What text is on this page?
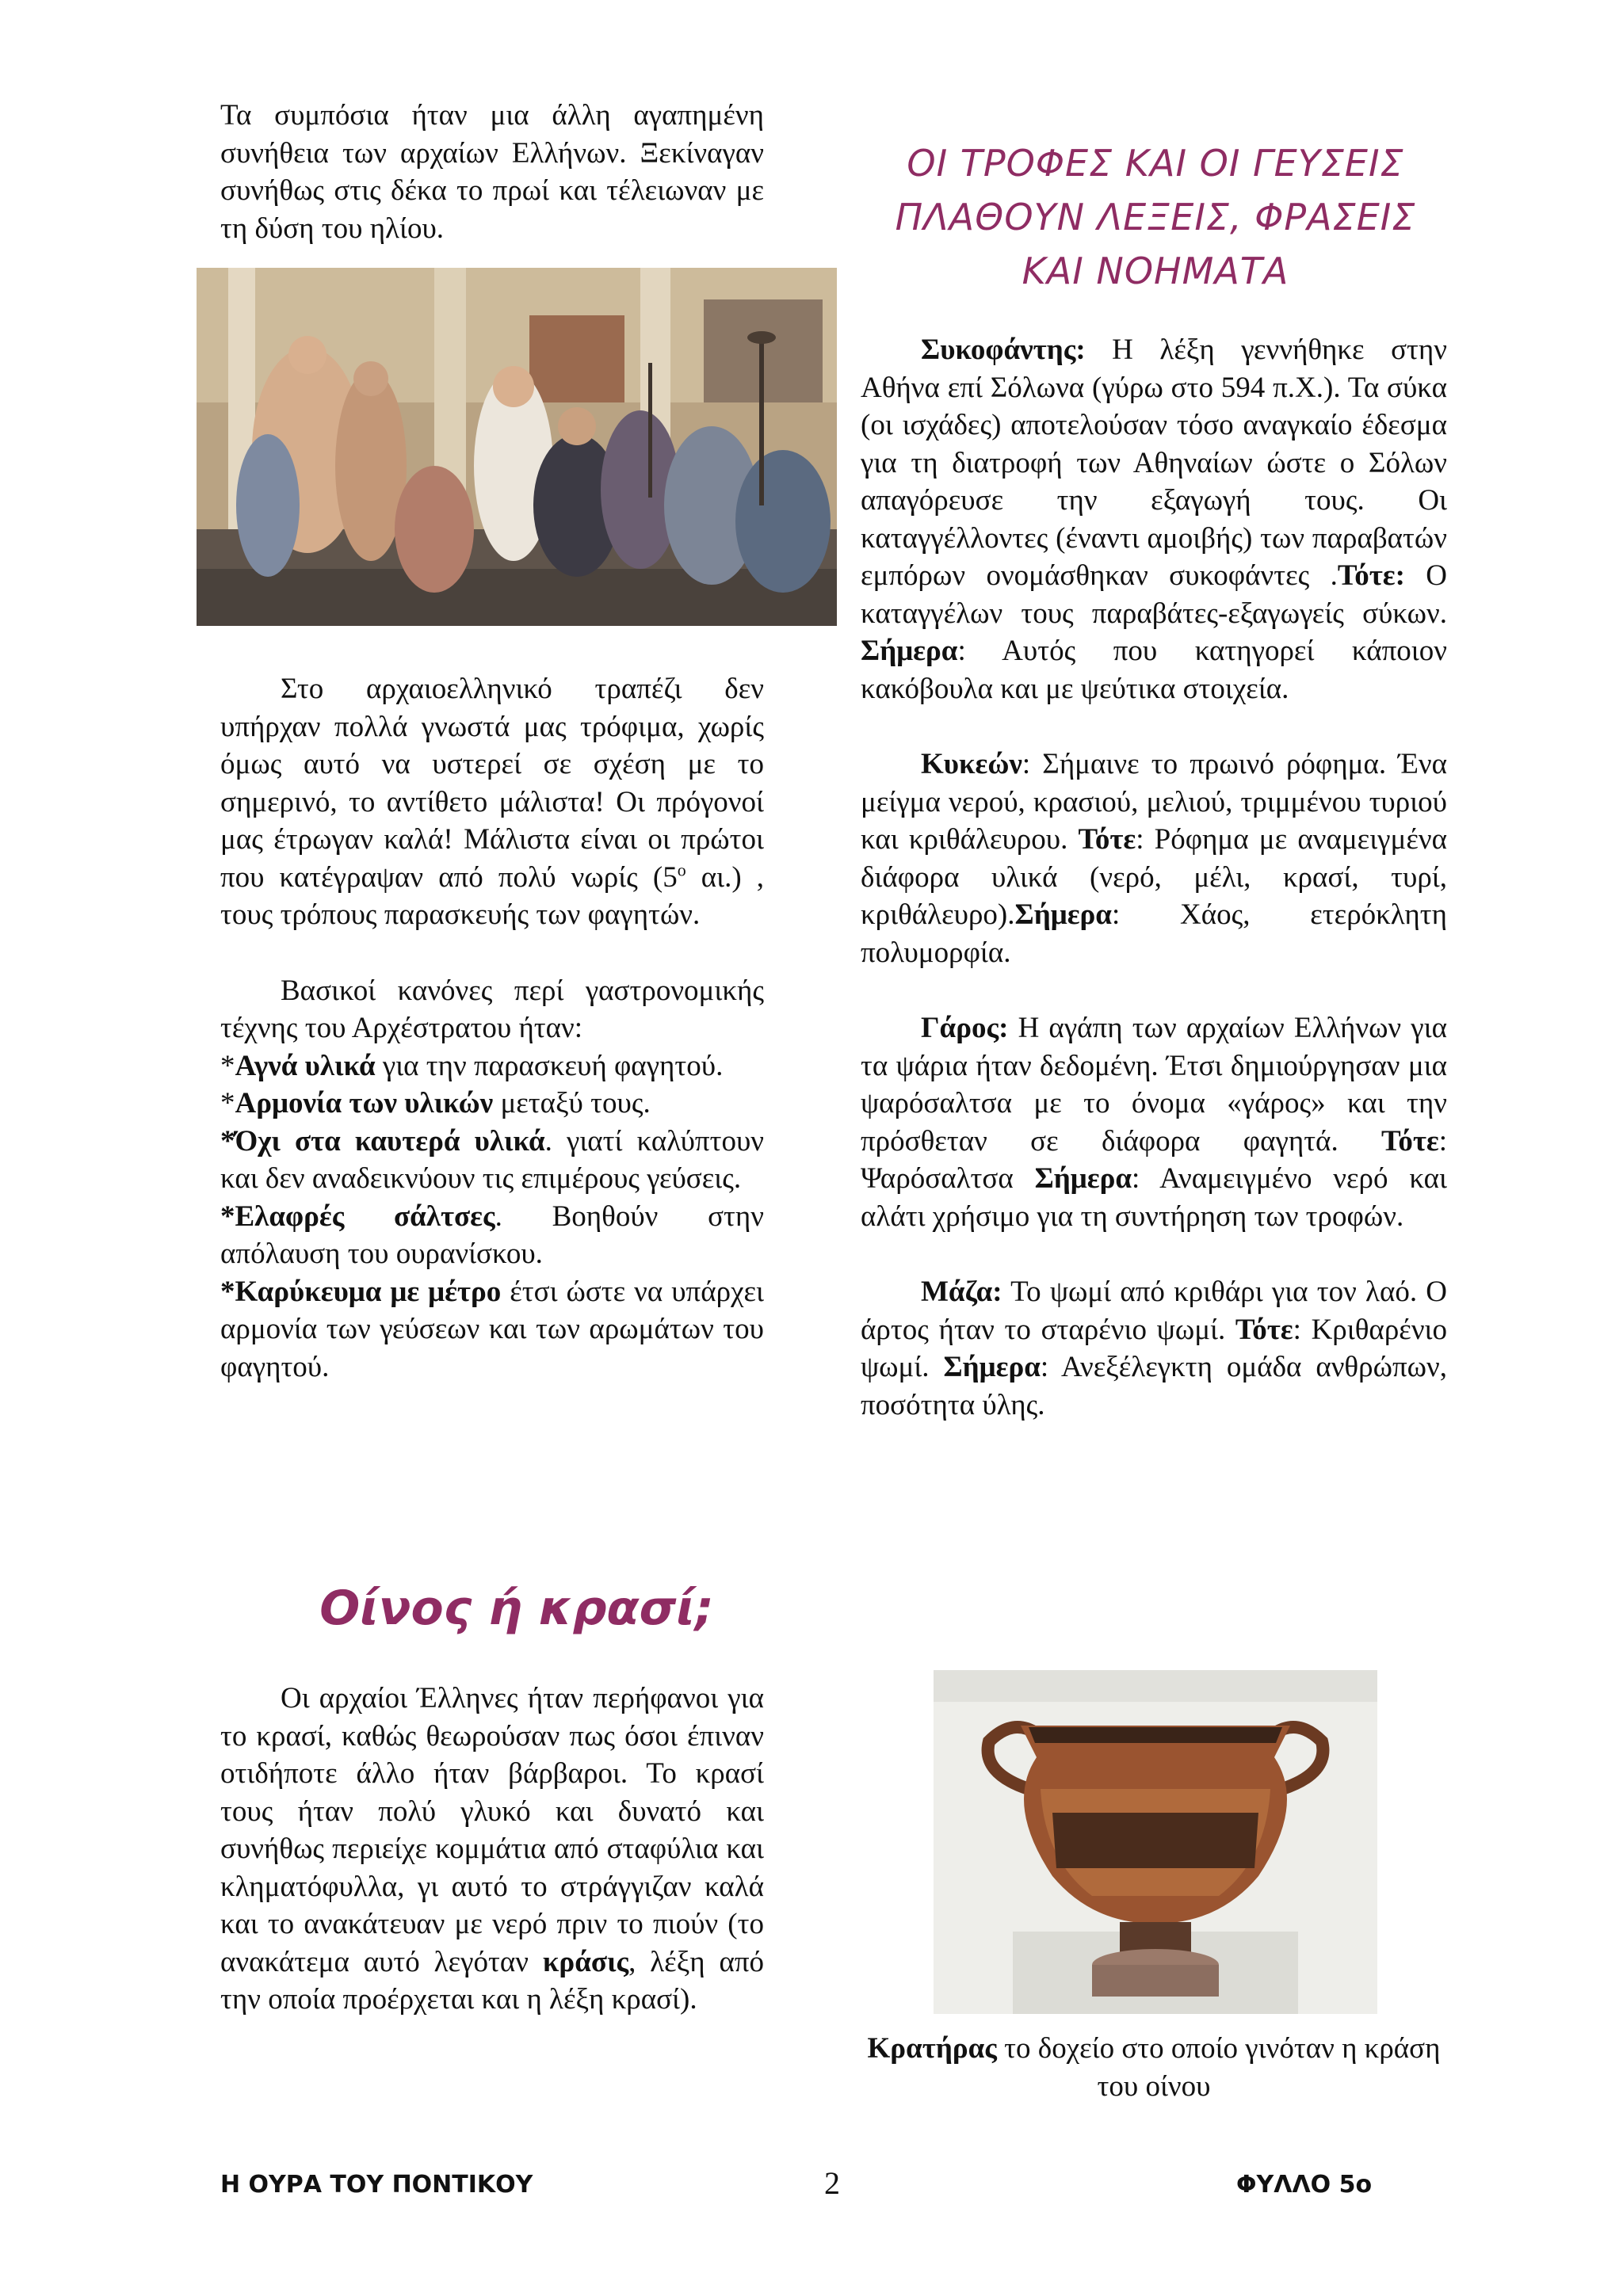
Τα συμπόσια ήταν μια άλλη αγαπημένη συνήθεια των αρχαίων Ελλήνων. Ξεκίναγαν συνήθως στις δέκα το πρωί και τέλειωναν με τη δύση του ηλίου.

Στο αρχαιοελληνικό τραπέζι δεν υπήρχαν πολλά γνωστά μας τρόφιμα, χωρίς όμως αυτό να υστερεί σε σχέση με το σημερινό, το αντίθετο μάλιστα! Οι πρόγονοί μας έτρωγαν καλά! Μάλιστα είναι οι πρώτοι που κατέγραψαν από πολύ νωρίς ($5^o$ αι.) , τους τρόπους παρασκευής των φαγητών.

Βασικοί κανόνες περί γαστρονομικής τέχνης του Αρχέστρατου ήταν:

*Αγνά υλικά για την παρασκευή φαγητού.

*Αρμονία των υλικών μεταξύ τους.

*Όχι στα καυτερά υλικά. γιατί καλύπτουν και δεν αναδεικνύουν τις επιμέρους γεύσεις.

*Ελαφρές σάλτσες. Βοηθούν στην απόλαυση του ουρανίσκου.

*Καρύκευμα με μέτρο έτσι ώστε να υπάρχει αρμονία των γεύσεων και των αρωμάτων του φαγητού.

Οίνος ή κρασί;

Οι αρχαίοι Έλληνες ήταν περήφανοι για το κρασί, καθώς θεωρούσαν πως όσοι έπιναν οτιδήποτε άλλο ήταν βάρβαροι. Το κρασί τους ήταν πολύ γλυκό και δυνατό και συνήθως περιείχε κομμάτια από σταφύλια και κληματόφυλλα, γι αυτό το στράγγιζαν καλά και το ανακάτευαν με νερό πριν το πιούν (το ανακάτεμα αυτό λεγόταν κράσις, λέξη από την οποία προέρχεται και η λέξη κρασί).

ΟΙ ΤΡΟΦΕΣ ΚΑΙ ΟΙ ΓΕΥΣΕΙΣ
ΠΛΑΘΟΥΝ ΛΕΞΕΙΣ, ΦΡΑΣΕΙΣ
ΚΑΙ ΝΟΗΜΑΤΑ

Συκοφάντης: Η λέξη γεννήθηκε στην Αθήνα επί Σόλωνα (γύρω στο 594 π.Χ.). Τα σύκα (οι ισχάδες) αποτελούσαν τόσο αναγκαίο έδεσμα για τη διατροφή των Αθηναίων ώστε ο Σόλων απαγόρευσε την εξαγωγή τους. Οι καταγγέλλοντες (έναντι αμοιβής) των παραβατών εμπόρων ονομάσθηκαν συκοφάντες .Τότε: Ο καταγγέλων τους παραβάτες-εξαγωγείς σύκων. Σήμερα: Αυτός που κατηγορεί κάποιον κακόβουλα και με ψεύτικα στοιχεία.

Κυκεών: Σήμαινε το πρωινό ρόφημα. Ένα μείγμα νερού, κρασιού, μελιού, τριμμένου τυριού και κριθάλευρου. Τότε: Ρόφημα με αναμειγμένα διάφορα υλικά (νερό, μέλι, κρασί, τυρί, κριθάλευρο).Σήμερα: Χάος, ετερόκλητη πολυμορφία.

Γάρος: Η αγάπη των αρχαίων Ελλήνων για τα ψάρια ήταν δεδομένη. Έτσι δημιούργησαν μια ψαρόσαλτσα με το όνομα «γάρος» και την πρόσθεταν σε διάφορα φαγητά. Τότε: Ψαρόσαλτσα Σήμερα: Αναμειγμένο νερό και αλάτι χρήσιμο για τη συντήρηση των τροφών.

Μάζα: Το ψωμί από κριθάρι για τον λαό. Ο άρτος ήταν το σταρένιο ψωμί. Τότε: Κριθαρένιο ψωμί. Σήμερα: Ανεξέλεγκτη ομάδα ανθρώπων, ποσότητα ύλης.

Κρατήρας το δοχείο στο οποίο γινόταν η κράση του οίνου
Η ΟΥΡΑ ΤΟΥ ΠΟΝΤΙΚΟΥ	2	ΦΥΛΛΟ 5ο
